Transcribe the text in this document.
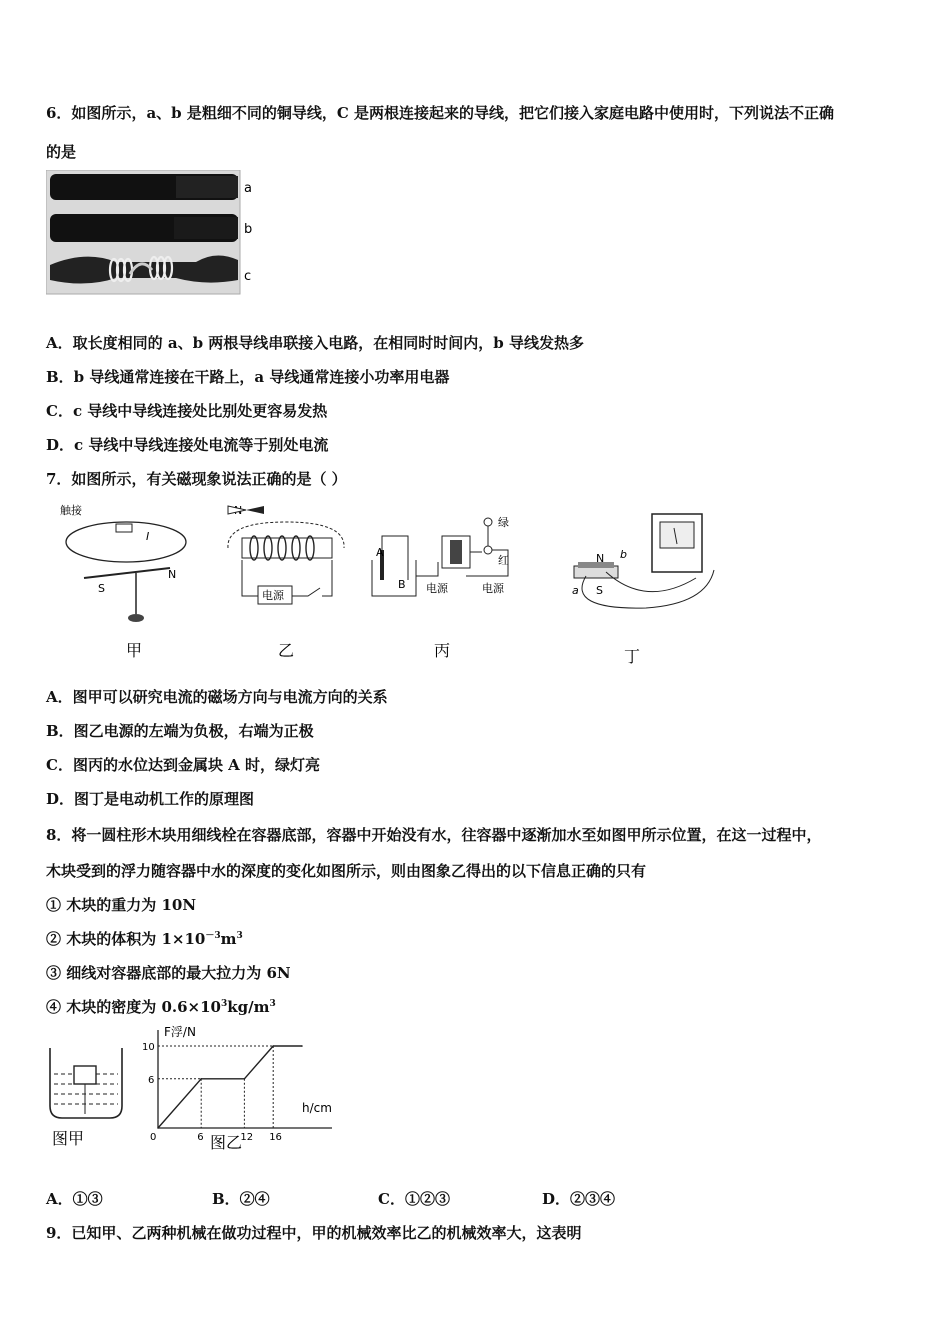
6．如图所示，a、b 是粗细不同的铜导线，C 是两根连接起来的导线，把它们接入家庭电路中使用时，下列说法不正确
的是
a
b
c
A．取长度相同的 a、b 两根导线串联接入电路，在相同时时间内，b 导线发热多
B．b 导线通常连接在干路上，a 导线通常连接小功率用电器
C．c 导线中导线连接处比别处更容易发热
D．c 导线中导线连接处电流等于别处电流
7．如图所示，有关磁现象说法正确的是（ ）
触接
I
S
N
电源
A
B
绿
红
电源	电源
N
S
a
b
甲	乙	丙	丁
A．图甲可以研究电流的磁场方向与电流方向的关系
B．图乙电源的左端为负极，右端为正极
C．图丙的水位达到金属块 A 时，绿灯亮
D．图丁是电动机工作的原理图
8．将一圆柱形木块用细线栓在容器底部，容器中开始没有水，往容器中逐渐加水至如图甲所示位置，在这一过程中，
木块受到的浮力随容器中水的深度的变化如图所示，则由图象乙得出的以下信息正确的只有
① 木块的重力为 10N
② 木块的体积为 $1\times 10^{-3}m^3$
③ 细线对容器底部的最大拉力为 6N
④ 木块的密度为 $0.6\times 10^3kg/m^3$
图甲
F浮/N
h/cm
0	6	12 16
6
10
图乙
A．①③	B．②④	C．①②③	D．②③④
9．已知甲、乙两种机械在做功过程中，甲的机械效率比乙的机械效率大，这表明
